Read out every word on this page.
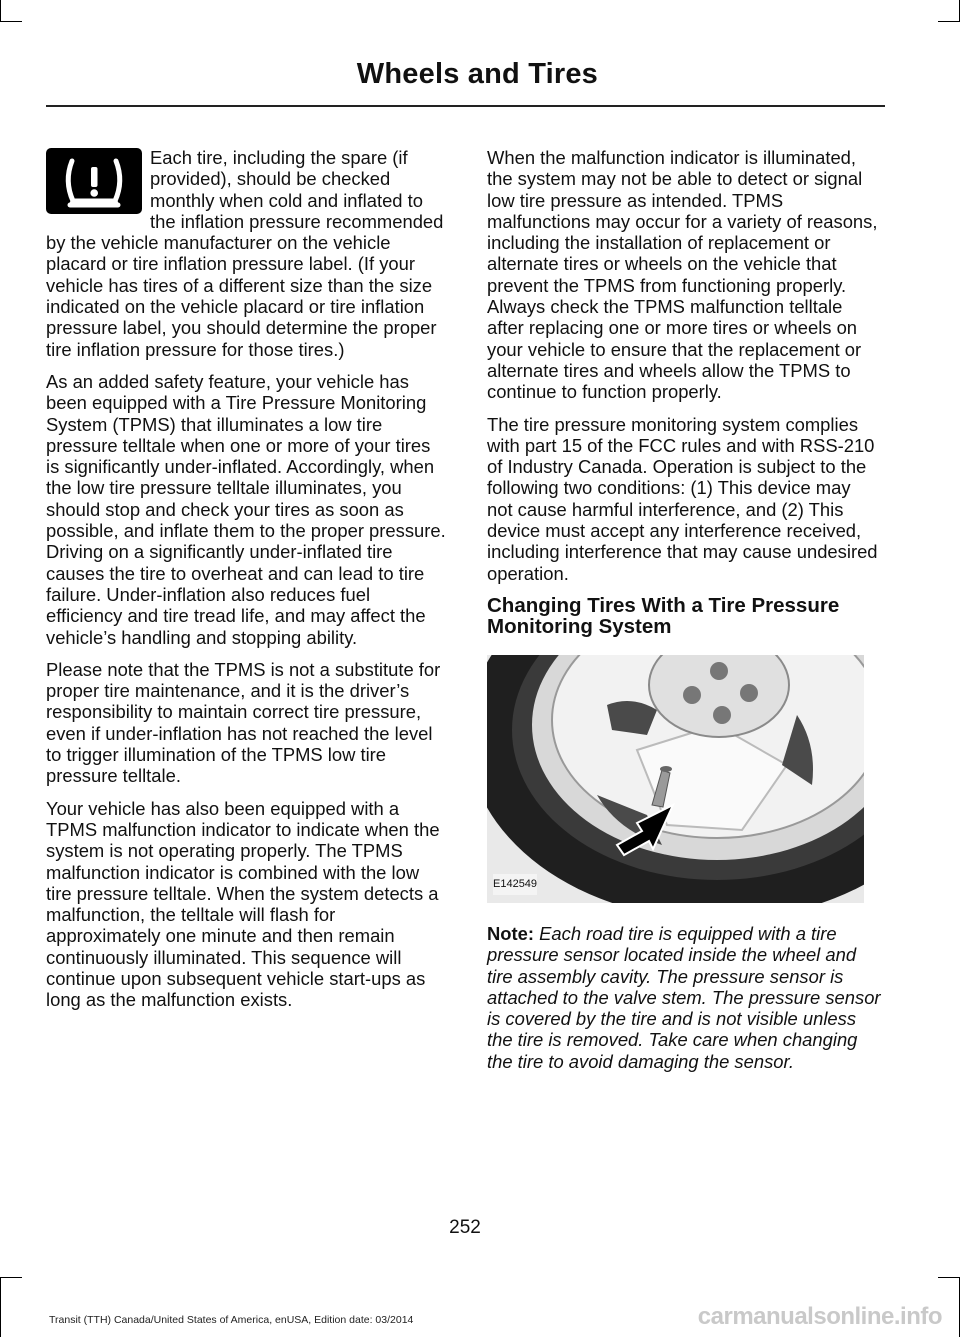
Wheels and Tires

Each tire, including the spare (if provided), should be checked monthly when cold and inflated to the inflation pressure recommended by the vehicle manufacturer on the vehicle placard or tire inflation pressure label. (If your vehicle has tires of a different size than the size indicated on the vehicle placard or tire inflation pressure label, you should determine the proper tire inflation pressure for those tires.)

As an added safety feature, your vehicle has been equipped with a Tire Pressure Monitoring System (TPMS) that illuminates a low tire pressure telltale when one or more of your tires is significantly under-inflated. Accordingly, when the low tire pressure telltale illuminates, you should stop and check your tires as soon as possible, and inflate them to the proper pressure. Driving on a significantly under-inflated tire causes the tire to overheat and can lead to tire failure. Under-inflation also reduces fuel efficiency and tire tread life, and may affect the vehicle’s handling and stopping ability.

Please note that the TPMS is not a substitute for proper tire maintenance, and it is the driver’s responsibility to maintain correct tire pressure, even if under-inflation has not reached the level to trigger illumination of the TPMS low tire pressure telltale.

Your vehicle has also been equipped with a TPMS malfunction indicator to indicate when the system is not operating properly. The TPMS malfunction indicator is combined with the low tire pressure telltale. When the system detects a malfunction, the telltale will flash for approximately one minute and then remain continuously illuminated. This sequence will continue upon subsequent vehicle start-ups as long as the malfunction exists.

When the malfunction indicator is illuminated, the system may not be able to detect or signal low tire pressure as intended. TPMS malfunctions may occur for a variety of reasons, including the installation of replacement or alternate tires or wheels on the vehicle that prevent the TPMS from functioning properly. Always check the TPMS malfunction telltale after replacing one or more tires or wheels on your vehicle to ensure that the replacement or alternate tires and wheels allow the TPMS to continue to function properly.

The tire pressure monitoring system complies with part 15 of the FCC rules and with RSS-210 of Industry Canada. Operation is subject to the following two conditions: (1) This device may not cause harmful interference, and (2) This device must accept any interference received, including interference that may cause undesired operation.

Changing Tires With a Tire Pressure Monitoring System
E142549

Note: Each road tire is equipped with a tire pressure sensor located inside the wheel and tire assembly cavity. The pressure sensor is attached to the valve stem. The pressure sensor is covered by the tire and is not visible unless the tire is removed. Take care when changing the tire to avoid damaging the sensor.

252
Transit (TTH) Canada/United States of America, enUSA, Edition date: 03/2014	carmanualsonline.info
